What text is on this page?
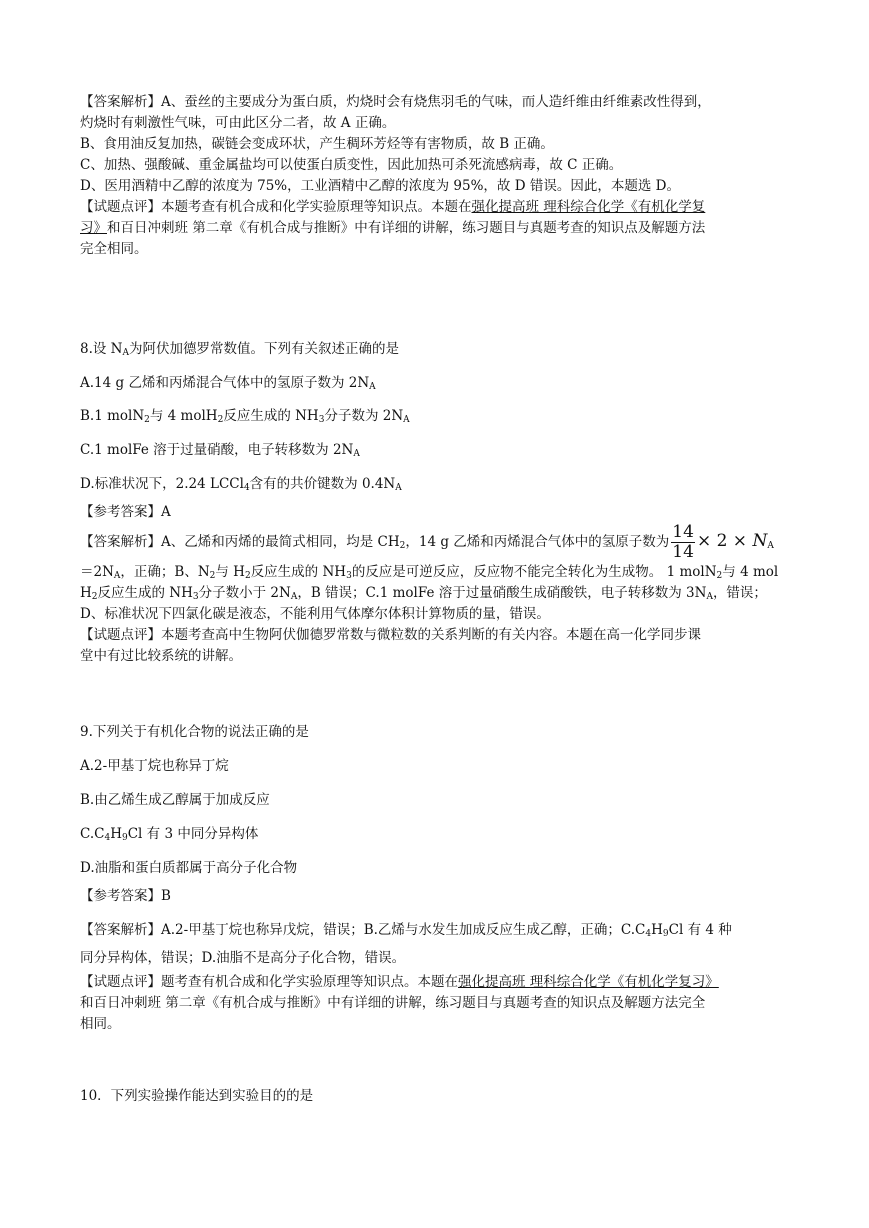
【答案解析】A、蚕丝的主要成分为蛋白质，灼烧时会有烧焦羽毛的气味，而人造纤维由纤维素改性得到，

灼烧时有刺激性气味，可由此区分二者，故 A 正确。

B、食用油反复加热，碳链会变成环状，产生稠环芳烃等有害物质，故 B 正确。

C、加热、强酸碱、重金属盐均可以使蛋白质变性，因此加热可杀死流感病毒，故 C 正确。

D、医用酒精中乙醇的浓度为 75%，工业酒精中乙醇的浓度为 95%，故 D 错误。因此，本题选 D。

【试题点评】本题考查有机合成和化学实验原理等知识点。本题在强化提高班 理科综合化学《有机化学复

习》和百日冲刺班 第二章《有机合成与推断》中有详细的讲解，练习题目与真题考查的知识点及解题方法

完全相同。

8.设 $N_A$为阿伏加德罗常数值。下列有关叙述正确的是

A.14 g 乙烯和丙烯混合气体中的氢原子数为 $2N_A$

B.1 molN$_2$与 4 molH$_2$反应生成的 $NH_3$分子数为 $2N_A$

C.1 molFe 溶于过量硝酸，电子转移数为 $2N_A$

D.标准状况下，2.24 LCCl$_4$含有的共价键数为 $0.4N_A$

【参考答案】A

【答案解析】A、乙烯和丙烯的最简式相同，均是 $CH_2$，14 g 乙烯和丙烯混合气体中的氢原子数为 $\frac{14}{14} \times 2 \times N_A$

$=2N_A$，正确；B、$N_2$与 $H_2$反应生成的 $NH_3$的反应是可逆反应，反应物不能完全转化为生成物。 1 molN$_2$与 4 mol

$H_2$反应生成的 $NH_3$分子数小于 $2N_A$，B 错误；C.1 molFe 溶于过量硝酸生成硝酸铁，电子转移数为 $3N_A$，错误；

D、标准状况下四氯化碳是液态，不能利用气体摩尔体积计算物质的量，错误。

【试题点评】本题考查高中生物阿伏伽德罗常数与微粒数的关系判断的有关内容。本题在高一化学同步课

堂中有过比较系统的讲解。

9.下列关于有机化合物的说法正确的是

A.2-甲基丁烷也称异丁烷

B.由乙烯生成乙醇属于加成反应

$C.C_4H_9Cl$ 有 3 中同分异构体

D.油脂和蛋白质都属于高分子化合物

【参考答案】B

【答案解析】A.2-甲基丁烷也称异戊烷，错误；B.乙烯与水发生加成反应生成乙醇，正确；$C.C_4H_9Cl$ 有 4 种

同分异构体，错误；D.油脂不是高分子化合物，错误。

【试题点评】题考查有机合成和化学实验原理等知识点。本题在强化提高班 理科综合化学《有机化学复习》

和百日冲刺班 第二章《有机合成与推断》中有详细的讲解，练习题目与真题考查的知识点及解题方法完全

相同。

10．下列实验操作能达到实验目的的是
